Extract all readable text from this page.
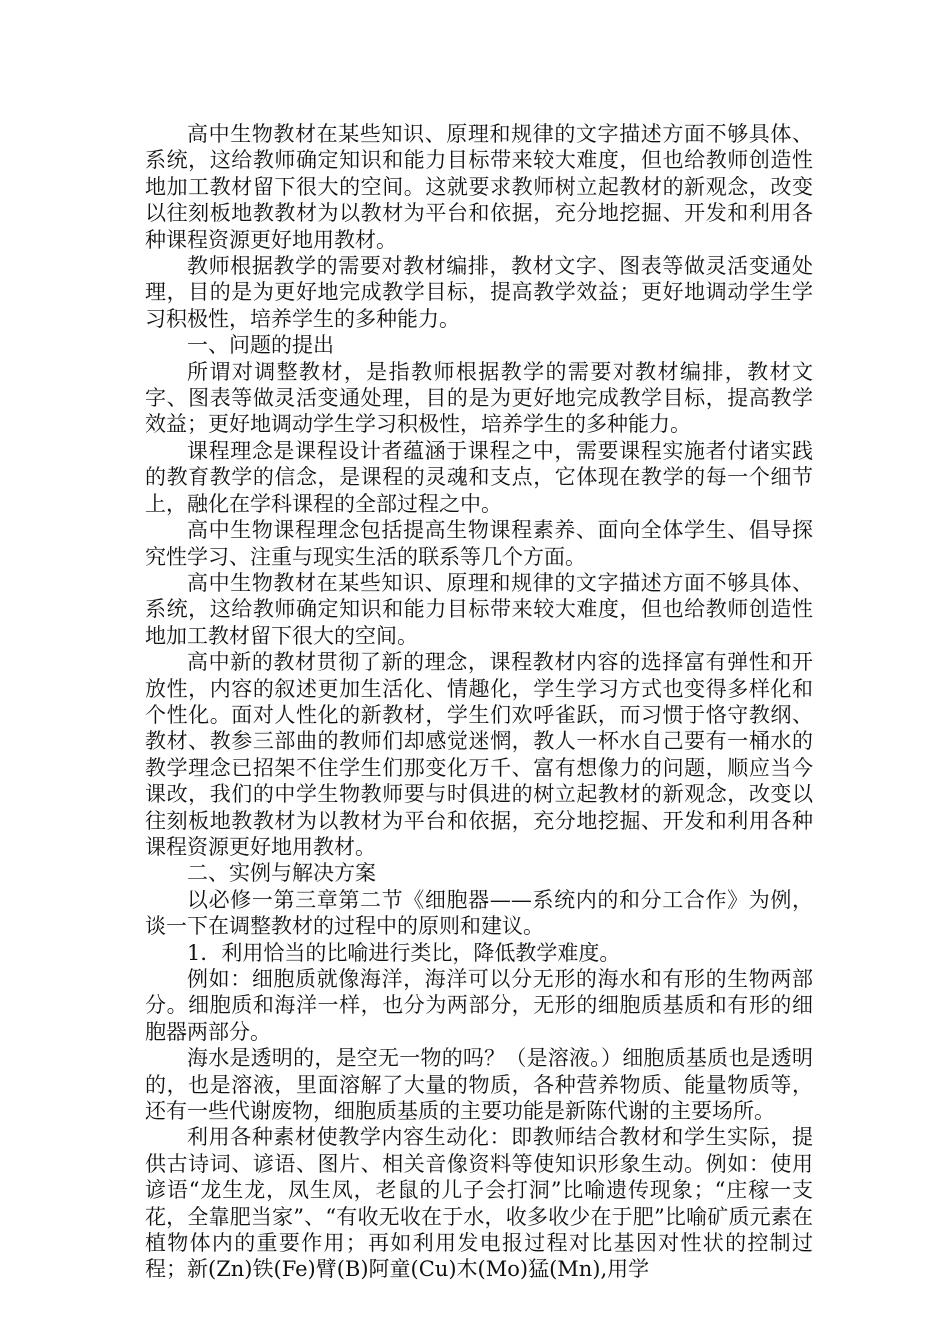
高中生物教材在某些知识、原理和规律的文字描述方面不够具体、系统，这给教师确定知识和能力目标带来较大难度，但也给教师创造性地加工教材留下很大的空间。这就要求教师树立起教材的新观念，改变以往刻板地教教材为以教材为平台和依据，充分地挖掘、开发和利用各种课程资源更好地用教材。

教师根据教学的需要对教材编排，教材文字、图表等做灵活变通处理，目的是为更好地完成教学目标，提高教学效益；更好地调动学生学习积极性，培养学生的多种能力。

一、问题的提出

所谓对调整教材，是指教师根据教学的需要对教材编排，教材文字、图表等做灵活变通处理，目的是为更好地完成教学目标，提高教学效益；更好地调动学生学习积极性，培养学生的多种能力。

课程理念是课程设计者蕴涵于课程之中，需要课程实施者付诸实践的教育教学的信念，是课程的灵魂和支点，它体现在教学的每一个细节上，融化在学科课程的全部过程之中。

高中生物课程理念包括提高生物课程素养、面向全体学生、倡导探究性学习、注重与现实生活的联系等几个方面。

高中生物教材在某些知识、原理和规律的文字描述方面不够具体、系统，这给教师确定知识和能力目标带来较大难度，但也给教师创造性地加工教材留下很大的空间。

高中新的教材贯彻了新的理念，课程教材内容的选择富有弹性和开放性，内容的叙述更加生活化、情趣化，学生学习方式也变得多样化和个性化。面对人性化的新教材，学生们欢呼雀跃，而习惯于恪守教纲、教材、教参三部曲的教师们却感觉迷惘，教人一杯水自己要有一桶水的教学理念已招架不住学生们那变化万千、富有想像力的问题，顺应当今课改，我们的中学生物教师要与时俱进的树立起教材的新观念，改变以往刻板地教教材为以教材为平台和依据，充分地挖掘、开发和利用各种课程资源更好地用教材。

二、实例与解决方案

以必修一第三章第二节《细胞器——系统内的和分工合作》为例，谈一下在调整教材的过程中的原则和建议。

1．利用恰当的比喻进行类比，降低教学难度。

例如：细胞质就像海洋，海洋可以分无形的海水和有形的生物两部分。细胞质和海洋一样，也分为两部分，无形的细胞质基质和有形的细胞器两部分。

海水是透明的，是空无一物的吗？（是溶液。）细胞质基质也是透明的，也是溶液，里面溶解了大量的物质，各种营养物质、能量物质等，还有一些代谢废物，细胞质基质的主要功能是新陈代谢的主要场所。

利用各种素材使教学内容生动化：即教师结合教材和学生实际，提供古诗词、谚语、图片、相关音像资料等使知识形象生动。例如：使用谚语“龙生龙，凤生凤，老鼠的儿子会打洞”比喻遗传现象；“庄稼一支花，全靠肥当家”、“有收无收在于水，收多收少在于肥”比喻矿质元素在植物体内的重要作用；再如利用发电报过程对比基因对性状的控制过程；新(Zn)铁(Fe)臂(B)阿童(Cu)木(Mo)猛(Mn),用学
